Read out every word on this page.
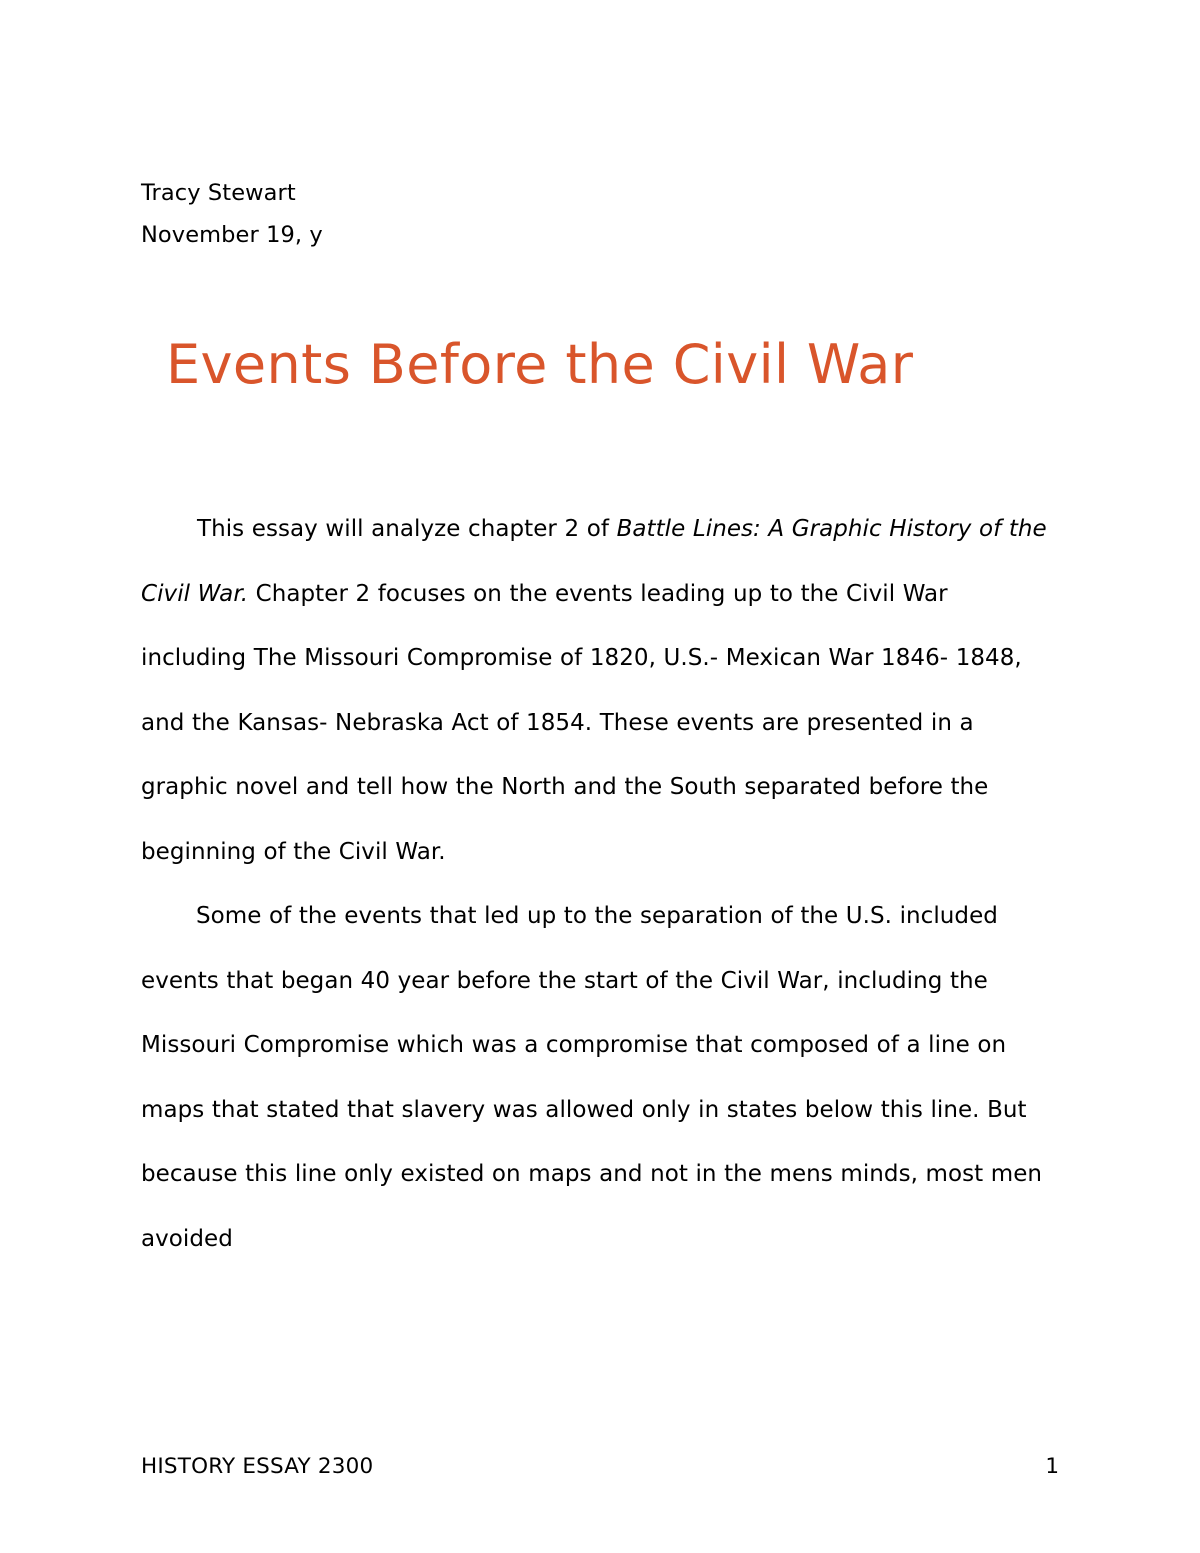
Tracy Stewart
November 19, y
Events Before the Civil War

This essay will analyze chapter 2 of Battle Lines: A Graphic History of the Civil War. Chapter 2 focuses on the events leading up to the Civil War including The Missouri Compromise of 1820, U.S.- Mexican War 1846- 1848, and the Kansas- Nebraska Act of 1854. These events are presented in a graphic novel and tell how the North and the South separated before the beginning of the Civil War.

Some of the events that led up to the separation of the U.S. included events that began 40 year before the start of the Civil War, including the Missouri Compromise which was a compromise that composed of a line on maps that stated that slavery was allowed only in states below this line. But because this line only existed on maps and not in the mens minds, most men avoided

HISTORY ESSAY 2300	1
